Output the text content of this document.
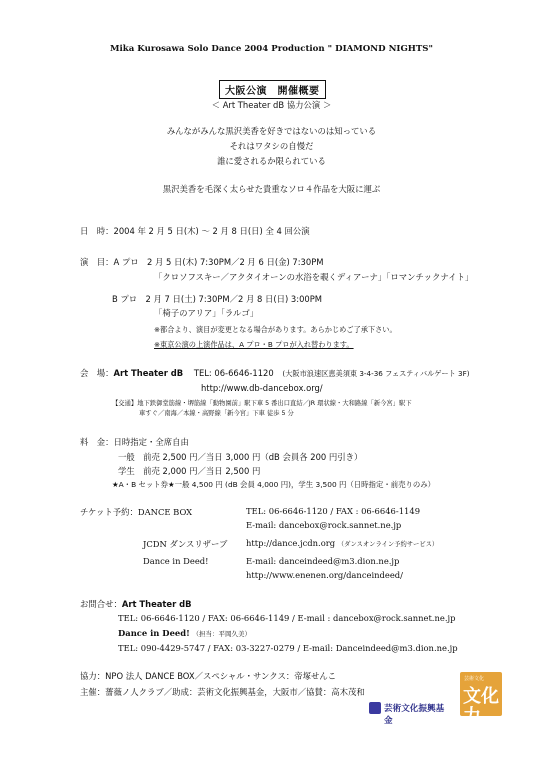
Mika Kurosawa Solo Dance 2004 Production " DIAMOND NIGHTS"
大阪公演　開催概要
＜ Art Theater dB 協力公演 ＞
みんながみんな黒沢美香を好きではないのは知っている
それはワタシの自慢だ
誰に愛されるか限られている
黒沢美香を毛深く太らせた貴重なソロ４作品を大阪に運ぶ
日　時：2004 年 2 月 5 日(木) 〜 2 月 8 日(日) 全 4 回公演
演　目：A プロ　2 月 5 日(木) 7:30PM／2 月 6 日(金) 7:30PM
「クロソフスキー／アクタイオーンの水浴を覗くディアーナ」「ロマンチックナイト」
B プロ　2 月 7 日(土) 7:30PM／2 月 8 日(日) 3:00PM
「椅子のアリア」「ラルゴ」
※都合より、演目が変更となる場合があります。あらかじめご了承下さい。
※東京公演の上演作品は、A プロ・B プロが入れ替わります。
会　場：Art Theater dB TEL: 06-6646-1120 (大阪市浪速区恵美須東 3-4-36 フェスティバルゲート 3F)
http://www.db-dancebox.org/
【交通】地下鉄御堂筋線・堺筋線「動物園前」駅下車 5 番出口直結／JR 環状線・大和路線「新今宮」駅下
車すぐ／南海／本線・高野線「新今宮」下車 徒歩 5 分
料　金：日時指定・全席自由
一般　前売 2,500 円／当日 3,000 円（dB 会員各 200 円引き）
学生　前売 2,000 円／当日 2,500 円
★A・B セット券★一般 4,500 円 (dB 会員 4,000 円)，学生 3,500 円（日時指定・前売りのみ）
チケット予約：DANCE BOX	TEL: 06-6646-1120 / FAX : 06-6646-1149
E-mail: dancebox@rock.sannet.ne.jp
JCDN ダンスリザーブ http://dance.jcdn.org （ダンスオンライン予約サービス）
Dance in Deed!	E-mail: danceindeed@m3.dion.ne.jp
http://www.enenen.org/danceindeed/
お問合せ：Art Theater dB
TEL: 06-6646-1120 / FAX: 06-6646-1149 / E-mail : dancebox@rock.sannet.ne.jp
Dance in Deed! （担当：平岡久美）
TEL: 090-4429-5747 / FAX: 03-3227-0279 / E-mail: Danceindeed@m3.dion.ne.jp
協力：NPO 法人 DANCE BOX／スペシャル・サンクス：帝塚せんこ
主催：薔薇ノ人クラブ／助成：芸術文化振興基金，大阪市／協賛：高木茂和
芸術文化振興基金
芸術文化
文化力
